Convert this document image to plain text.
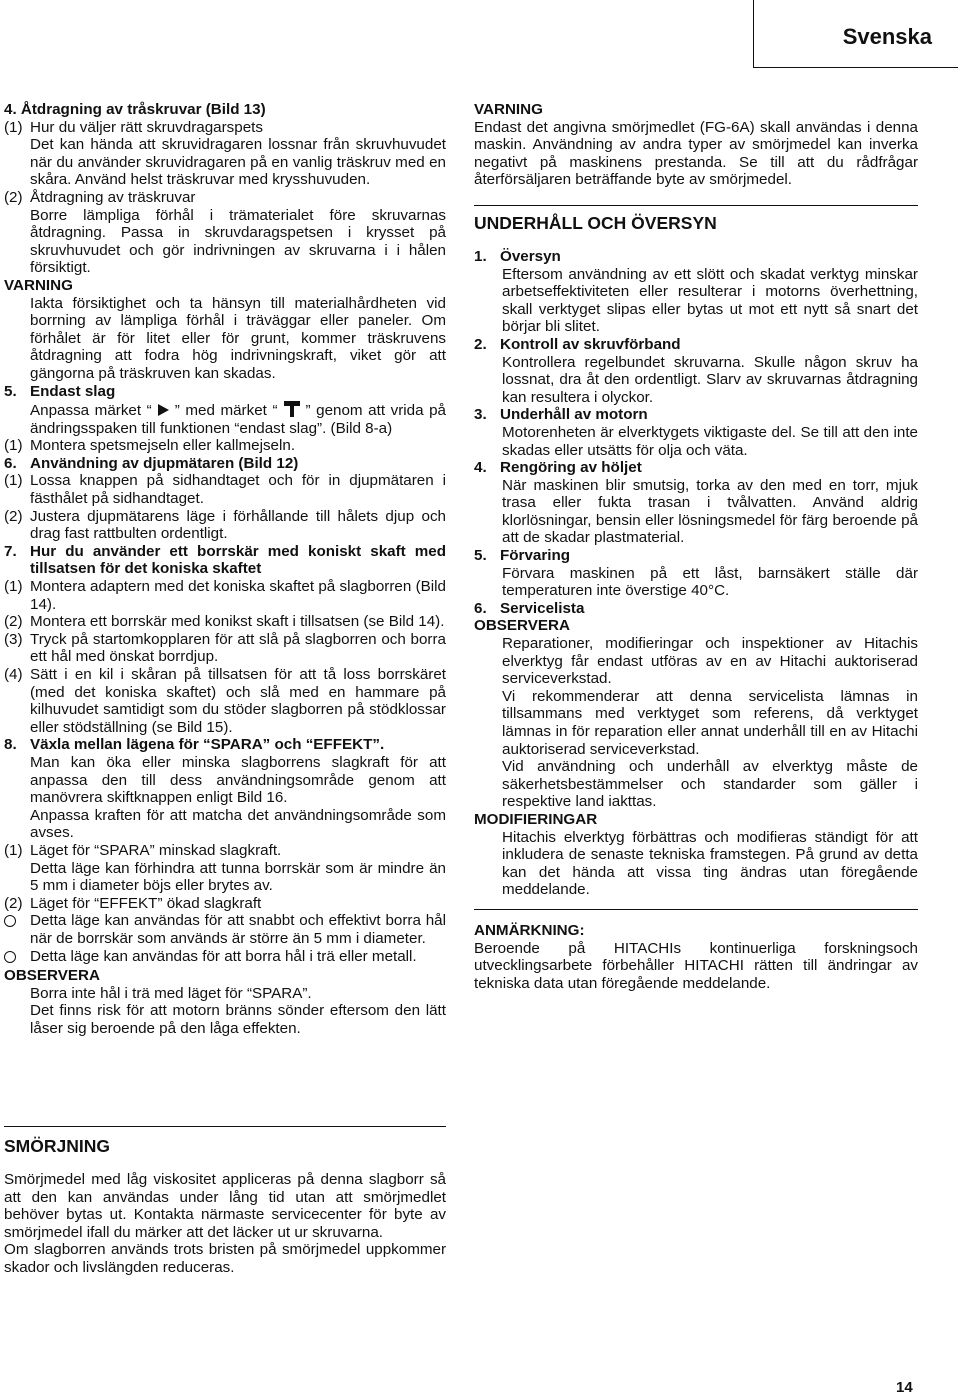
Svenska

4. Åtdragning av tråskruvar (Bild 13)

(1) Hur du väljer rätt skruvdragarspets

Det kan hända att skruvidragaren lossnar från skruvhuvudet när du använder skruvidragaren på en vanlig träskruv med en skåra. Använd helst träskruvar med krysshuvuden.

(2) Åtdragning av träskruvar

Borre lämpliga förhål i trämaterialet före skruvarnas åtdragning. Passa in skruvdaragspetsen i krysset på skruvhuvudet och gör indrivningen av skruvarna i i hålen försiktigt.

VARNING

Iakta försiktighet och ta hänsyn till materialhårdheten vid borrning av lämpliga förhål i träväggar eller paneler. Om förhålet är för litet eller för grunt, kommer träskruvens åtdragning att fodra hög indrivningskraft, viket gör att gängorna på träskruven kan skadas.

5. Endast slag

Anpassa märket “ ” med märket “ ” genom att vrida på ändringsspaken till funktionen “endast slag”. (Bild 8-a)

(1) Montera spetsmejseln eller kallmejseln.
6. Användning av djupmätaren (Bild 12)
(1) Lossa knappen på sidhandtaget och för in djupmätaren i fästhålet på sidhandtaget.
(2) Justera djupmätarens läge i förhållande till hålets djup och drag fast rattbulten ordentligt.
7. Hur du använder ett borrskär med koniskt skaft med tillsatsen för det koniska skaftet
(1) Montera adaptern med det koniska skaftet på slagborren (Bild 14).
(2) Montera ett borrskär med konikst skaft i tillsatsen (se Bild 14).
(3) Tryck på startomkopplaren för att slå på slagborren och borra ett hål med önskat borrdjup.
(4) Sätt i en kil i skåran på tillsatsen för att tå loss borrskäret (med det koniska skaftet) och slå med en hammare på kilhuvudet samtidigt som du stöder slagborren på stödklossar eller stödställning (se Bild 15).
8. Växla mellan lägena för “SPARA” och “EFFEKT”.

Man kan öka eller minska slagborrens slagkraft för att anpassa den till dess användningsområde genom att manövrera skiftknappen enligt Bild 16.

Anpassa kraften för att matcha det användningsområde som avses.

(1) Läget för “SPARA” minskad slagkraft.

Detta läge kan förhindra att tunna borrskär som är mindre än 5 mm i diameter böjs eller brytes av.

(2) Läget för “EFFEKT” ökad slagkraft
Detta läge kan användas för att snabbt och effektivt borra hål när de borrskär som används är större än 5 mm i diameter.
Detta läge kan användas för att borra hål i trä eller metall.

OBSERVERA

Borra inte hål i trä med läget för “SPARA”.

Det finns risk för att motorn bränns sönder eftersom den lätt låser sig beroende på den låga effekten.

SMÖRJNING

Smörjmedel med låg viskositet appliceras på denna slagborr så att den kan användas under lång tid utan att smörjmedlet behöver bytas ut. Kontakta närmaste servicecenter för byte av smörjmedel ifall du märker att det läcker ut ur skruvarna.

Om slagborren används trots bristen på smörjmedel uppkommer skador och livslängden reduceras.

VARNING

Endast det angivna smörjmedlet (FG-6A) skall användas i denna maskin. Användning av andra typer av smörjmedel kan inverka negativt på maskinens prestanda. Se till att du rådfrågar återförsäljaren beträffande byte av smörjmedel.

UNDERHÅLL OCH ÖVERSYN

1. Översyn

Eftersom användning av ett slött och skadat verktyg minskar arbetseffektiviteten eller resulterar i motorns överhettning, skall verktyget slipas eller bytas ut mot ett nytt så snart det börjar bli slitet.

2. Kontroll av skruvförband

Kontrollera regelbundet skruvarna. Skulle någon skruv ha lossnat, dra åt den ordentligt. Slarv av skruvarnas åtdragning kan resultera i olyckor.

3. Underhåll av motorn

Motorenheten är elverktygets viktigaste del. Se till att den inte skadas eller utsätts för olja och väta.

4. Rengöring av höljet

När maskinen blir smutsig, torka av den med en torr, mjuk trasa eller fukta trasan i tvålvatten. Använd aldrig klorlösningar, bensin eller lösningsmedel för färg beroende på att de skadar plastmaterial.

5. Förvaring

Förvara maskinen på ett låst, barnsäkert ställe där temperaturen inte överstige 40°C.

6. Servicelista

OBSERVERA

Reparationer, modifieringar och inspektioner av Hitachis elverktyg får endast utföras av en av Hitachi auktoriserad serviceverkstad.

Vi rekommenderar att denna servicelista lämnas in tillsammans med verktyget som referens, då verktyget lämnas in för reparation eller annat underhåll till en av Hitachi auktoriserad serviceverkstad.

Vid användning och underhåll av elverktyg måste de säkerhetsbestämmelser och standarder som gäller i respektive land iakttas.

MODIFIERINGAR

Hitachis elverktyg förbättras och modifieras ständigt för att inkludera de senaste tekniska framstegen. På grund av detta kan det hända att vissa ting ändras utan föregående meddelande.

ANMÄRKNING:

Beroende på HITACHIs kontinuerliga forskningsoch utvecklingsarbete förbehåller HITACHI rätten till ändringar av tekniska data utan föregående meddelande.

14
